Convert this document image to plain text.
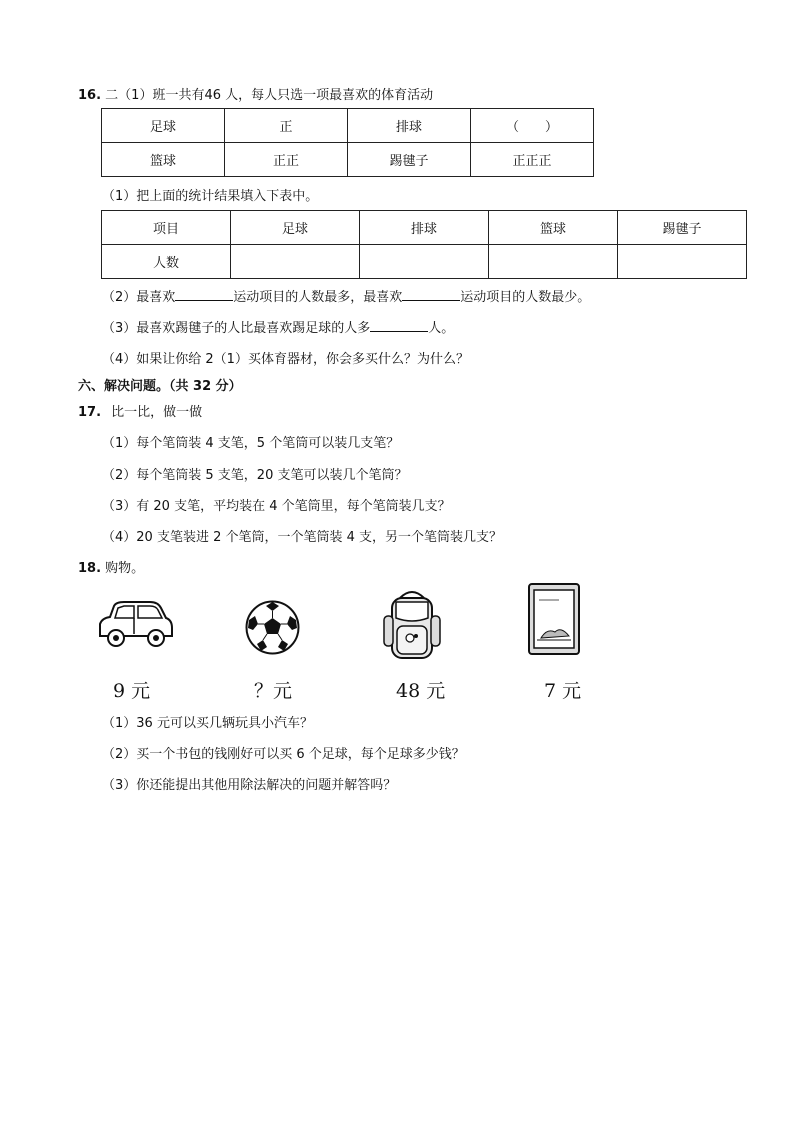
16. 二（1）班一共有46 人，每人只选一项最喜欢的体育活动
足球	正	排球	（　　）
篮球	正正	踢毽子	正正正
（1）把上面的统计结果填入下表中。
项目	足球	排球	篮球	踢毽子
人数				
（2）最喜欢	运动项目的人数最多，最喜欢	运动项目的人数最少。
（3）最喜欢踢毽子的人比最喜欢踢足球的人多	人。
（4）如果让你给 2（1）买体育器材，你会多买什么？为什么？
六、解决问题。（共 32 分）
17. 比一比，做一做
（1）每个笔筒装 4 支笔，5 个笔筒可以装几支笔？
（2）每个笔筒装 5 支笔，20 支笔可以装几个笔筒？
（3）有 20 支笔，平均装在 4 个笔筒里，每个笔筒装几支？
（4）20 支笔装进 2 个笔筒，一个笔筒装 4 支，另一个笔筒装几支？
18. 购物。
9 元	？元	48 元	7 元
（1）36 元可以买几辆玩具小汽车？
（2）买一个书包的钱刚好可以买 6 个足球，每个足球多少钱？
（3）你还能提出其他用除法解决的问题并解答吗？
